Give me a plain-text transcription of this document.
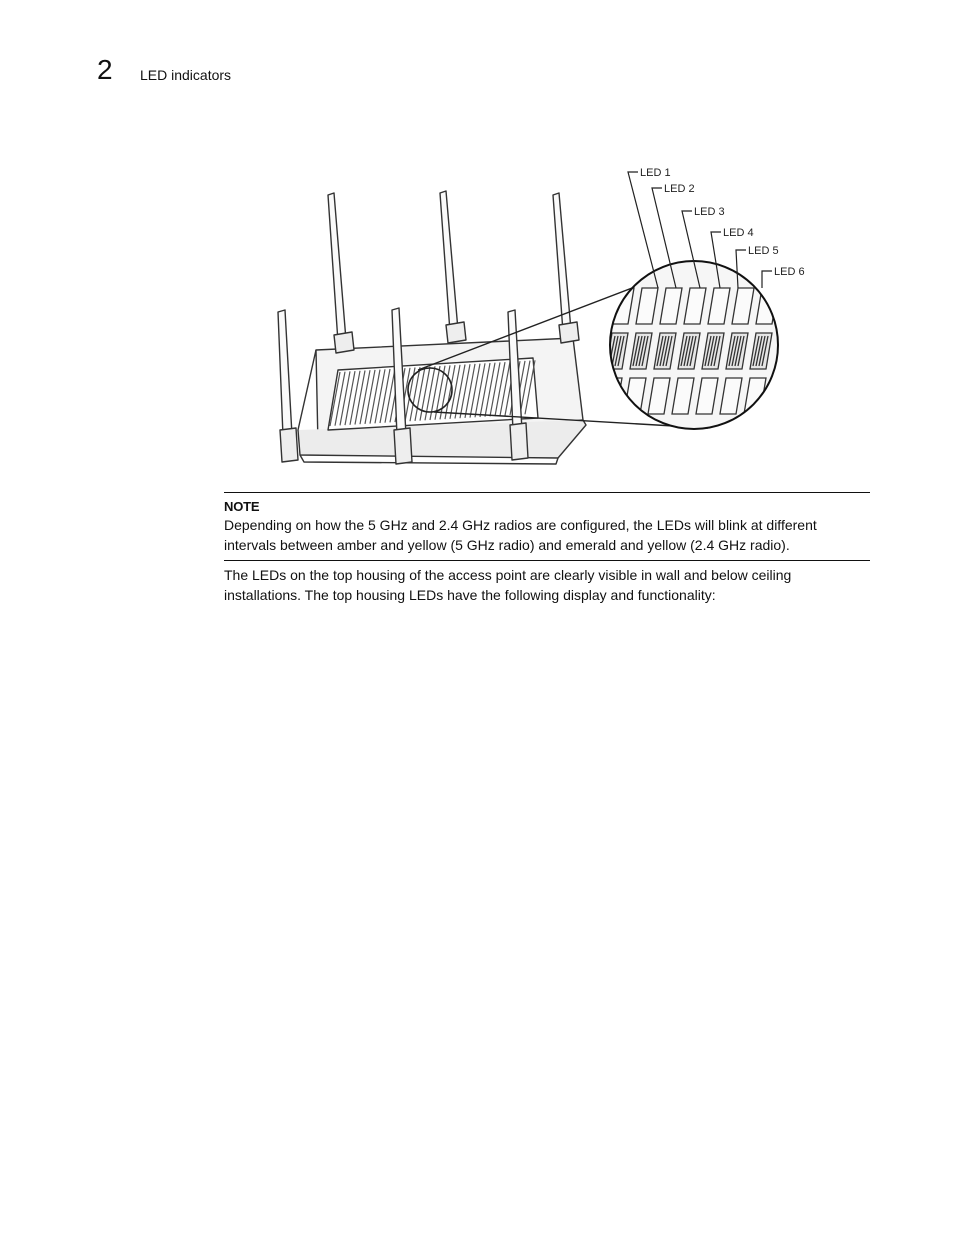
2 LED indicators
LED 1
LED 2
LED 3
LED 4
LED 5
LED 6
NOTE
Depending on how the 5 GHz and 2.4 GHz radios are configured, the LEDs will blink at different intervals between amber and yellow (5 GHz radio) and emerald and yellow (2.4 GHz radio).
The LEDs on the top housing of the access point are clearly visible in wall and below ceiling installations. The top housing LEDs have the following display and functionality:
